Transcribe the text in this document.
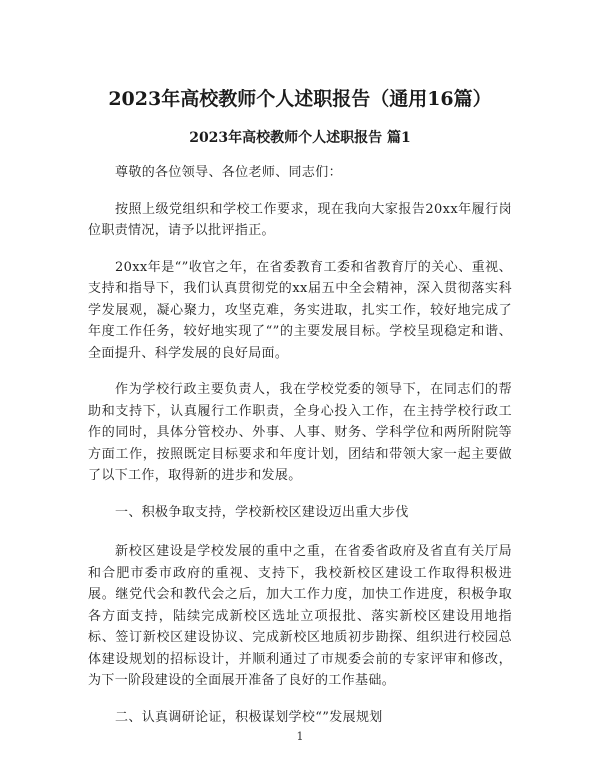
2023年高校教师个人述职报告（通用16篇）
2023年高校教师个人述职报告 篇1

尊敬的各位领导、各位老师、同志们：

按照上级党组织和学校工作要求，现在我向大家报告20xx年履行岗位职责情况，请予以批评指正。

20xx年是“”收官之年，在省委教育工委和省教育厅的关心、重视、支持和指导下，我们认真贯彻党的xx届五中全会精神，深入贯彻落实科学发展观，凝心聚力，攻坚克难，务实进取，扎实工作，较好地完成了年度工作任务，较好地实现了“”的主要发展目标。学校呈现稳定和谐、全面提升、科学发展的良好局面。

作为学校行政主要负责人，我在学校党委的领导下，在同志们的帮助和支持下，认真履行工作职责，全身心投入工作，在主持学校行政工作的同时，具体分管校办、外事、人事、财务、学科学位和两所附院等方面工作，按照既定目标要求和年度计划，团结和带领大家一起主要做了以下工作，取得新的进步和发展。

一、积极争取支持，学校新校区建设迈出重大步伐

新校区建设是学校发展的重中之重，在省委省政府及省直有关厅局和合肥市委市政府的重视、支持下，我校新校区建设工作取得积极进展。继党代会和教代会之后，加大工作力度，加快工作进度，积极争取各方面支持，陆续完成新校区选址立项报批、落实新校区建设用地指标、签订新校区建设协议、完成新校区地质初步勘探、组织进行校园总体建设规划的招标设计，并顺利通过了市规委会前的专家评审和修改，为下一阶段建设的全面展开准备了良好的工作基础。

二、认真调研论证，积极谋划学校“”发展规划

1
